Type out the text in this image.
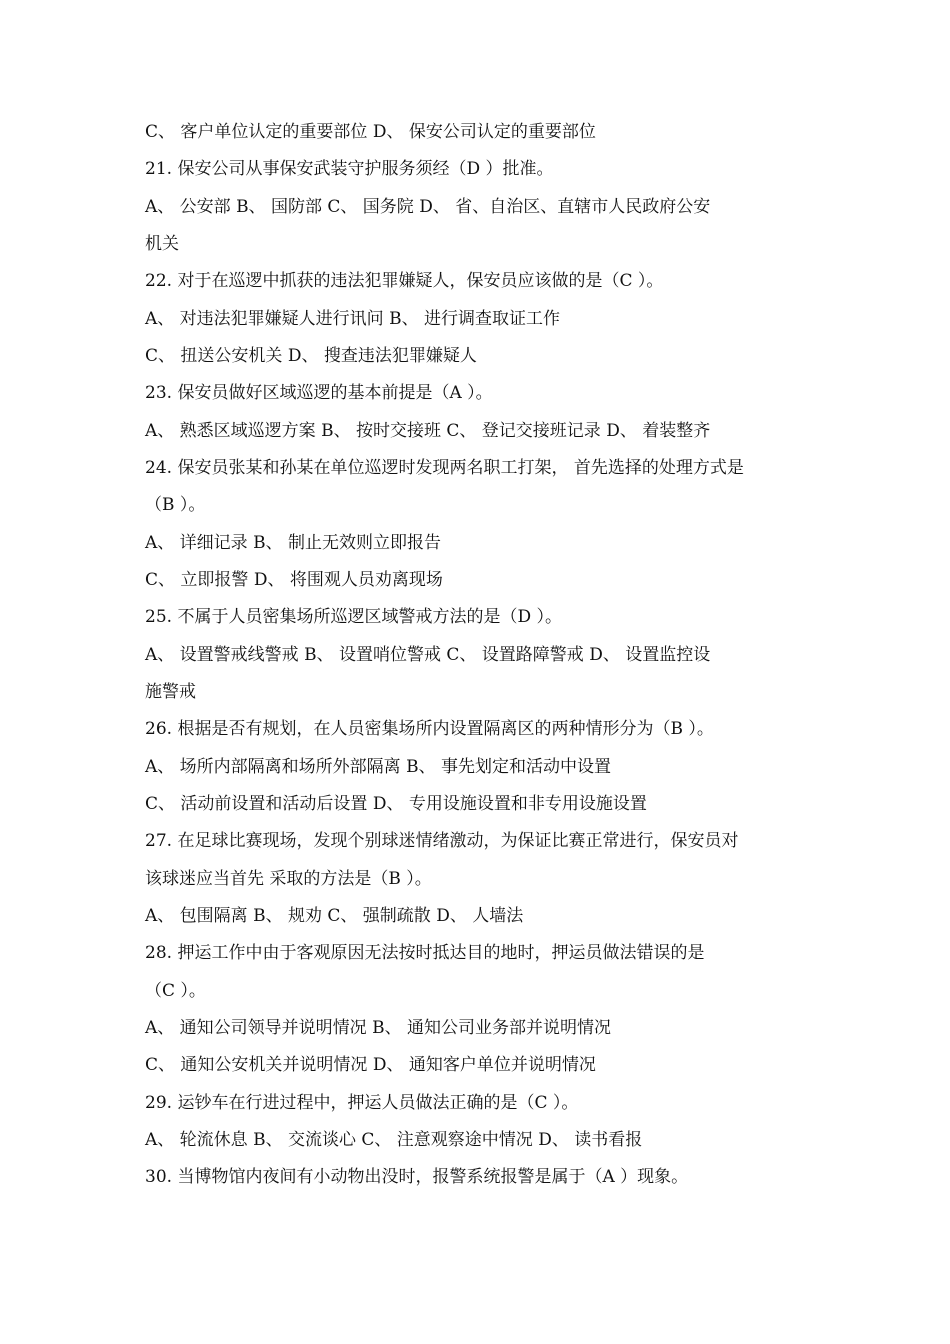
C、 客户单位认定的重要部位 D、 保安公司认定的重要部位
21. 保安公司从事保安武装守护服务须经（D ）批准。
A、 公安部 B、 国防部 C、 国务院 D、 省、自治区、直辖市人民政府公安
机关
22. 对于在巡逻中抓获的违法犯罪嫌疑人，保安员应该做的是（C ）。
A、 对违法犯罪嫌疑人进行讯问 B、 进行调查取证工作
C、 扭送公安机关 D、 搜查违法犯罪嫌疑人
23. 保安员做好区域巡逻的基本前提是（A ）。
A、 熟悉区域巡逻方案 B、 按时交接班 C、 登记交接班记录 D、 着装整齐
24. 保安员张某和孙某在单位巡逻时发现两名职工打架， 首先选择的处理方式是
（B ）。
A、 详细记录 B、 制止无效则立即报告
C、 立即报警 D、 将围观人员劝离现场
25. 不属于人员密集场所巡逻区域警戒方法的是（D ）。
A、 设置警戒线警戒 B、 设置哨位警戒 C、 设置路障警戒 D、 设置监控设
施警戒
26. 根据是否有规划，在人员密集场所内设置隔离区的两种情形分为（B ）。
A、 场所内部隔离和场所外部隔离 B、 事先划定和活动中设置
C、 活动前设置和活动后设置 D、 专用设施设置和非专用设施设置
27. 在足球比赛现场，发现个别球迷情绪激动，为保证比赛正常进行，保安员对
该球迷应当首先 采取的方法是（B ）。
A、 包围隔离 B、 规劝 C、 强制疏散 D、 人墙法
28. 押运工作中由于客观原因无法按时抵达目的地时，押运员做法错误的是
（C ）。
A、 通知公司领导并说明情况 B、 通知公司业务部并说明情况
C、 通知公安机关并说明情况 D、 通知客户单位并说明情况
29. 运钞车在行进过程中，押运人员做法正确的是（C ）。
A、 轮流休息 B、 交流谈心 C、 注意观察途中情况 D、 读书看报
30. 当博物馆内夜间有小动物出没时，报警系统报警是属于（A ）现象。
